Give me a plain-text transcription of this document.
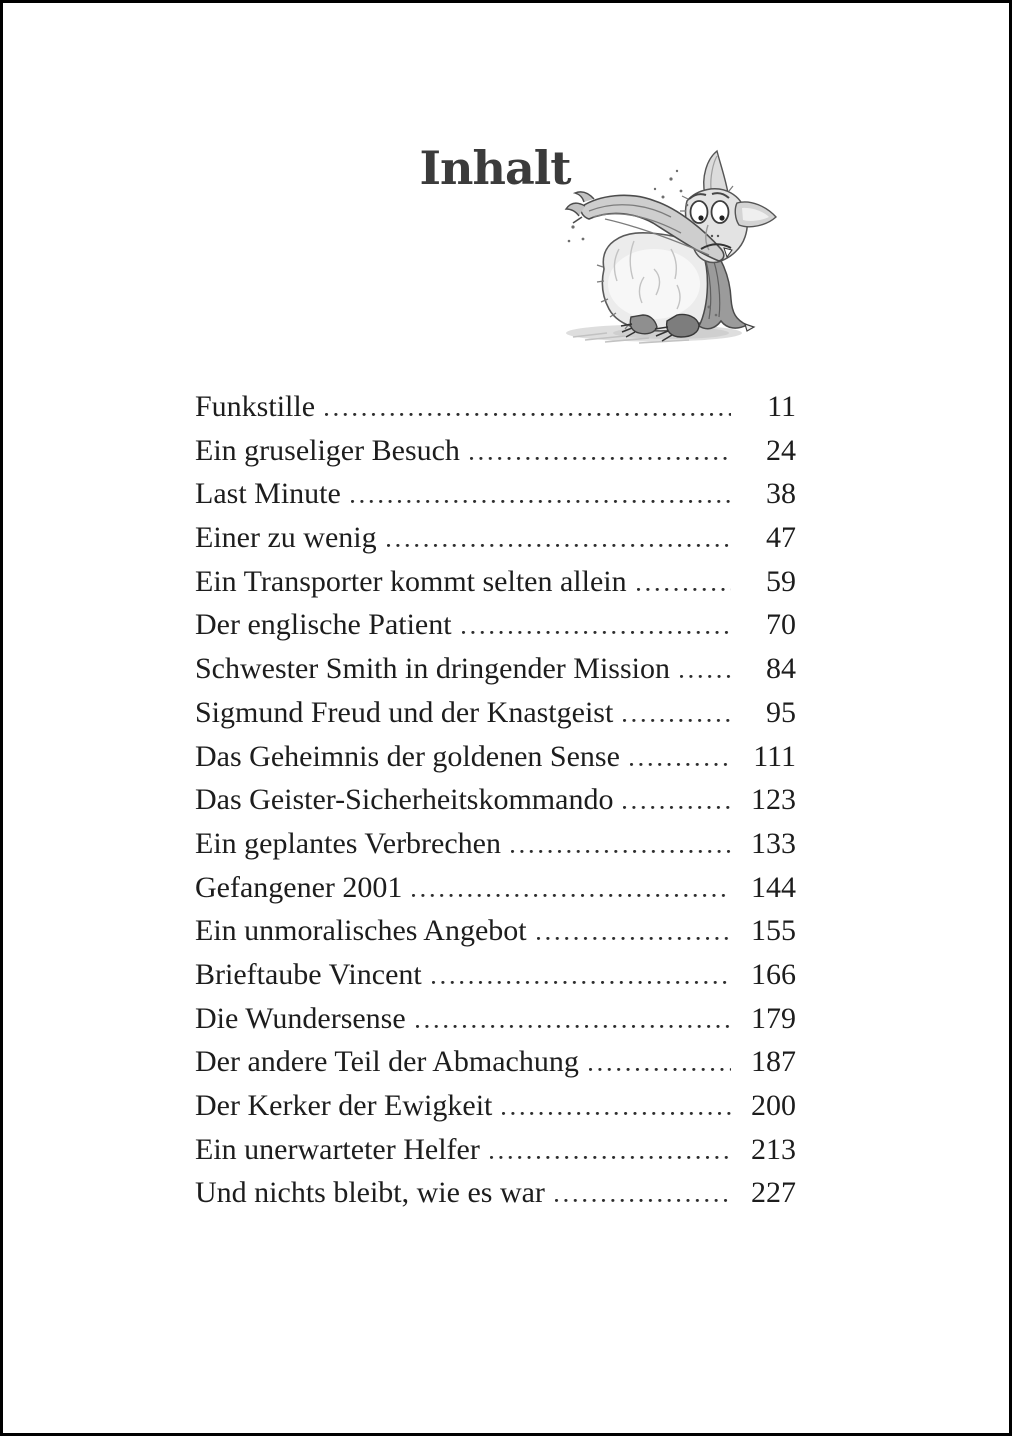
Inhalt
Funkstille	11
Ein gruseliger Besuch	24
Last Minute	38
Einer zu wenig	47
Ein Transporter kommt selten allein	59
Der englische Patient	70
Schwester Smith in dringender Mission	84
Sigmund Freud und der Knastgeist	95
Das Geheimnis der goldenen Sense	111
Das Geister-Sicherheitskommando	123
Ein geplantes Verbrechen	133
Gefangener 2001	144
Ein unmoralisches Angebot	155
Brieftaube Vincent	166
Die Wundersense	179
Der andere Teil der Abmachung	187
Der Kerker der Ewigkeit	200
Ein unerwarteter Helfer	213
Und nichts bleibt, wie es war	227
